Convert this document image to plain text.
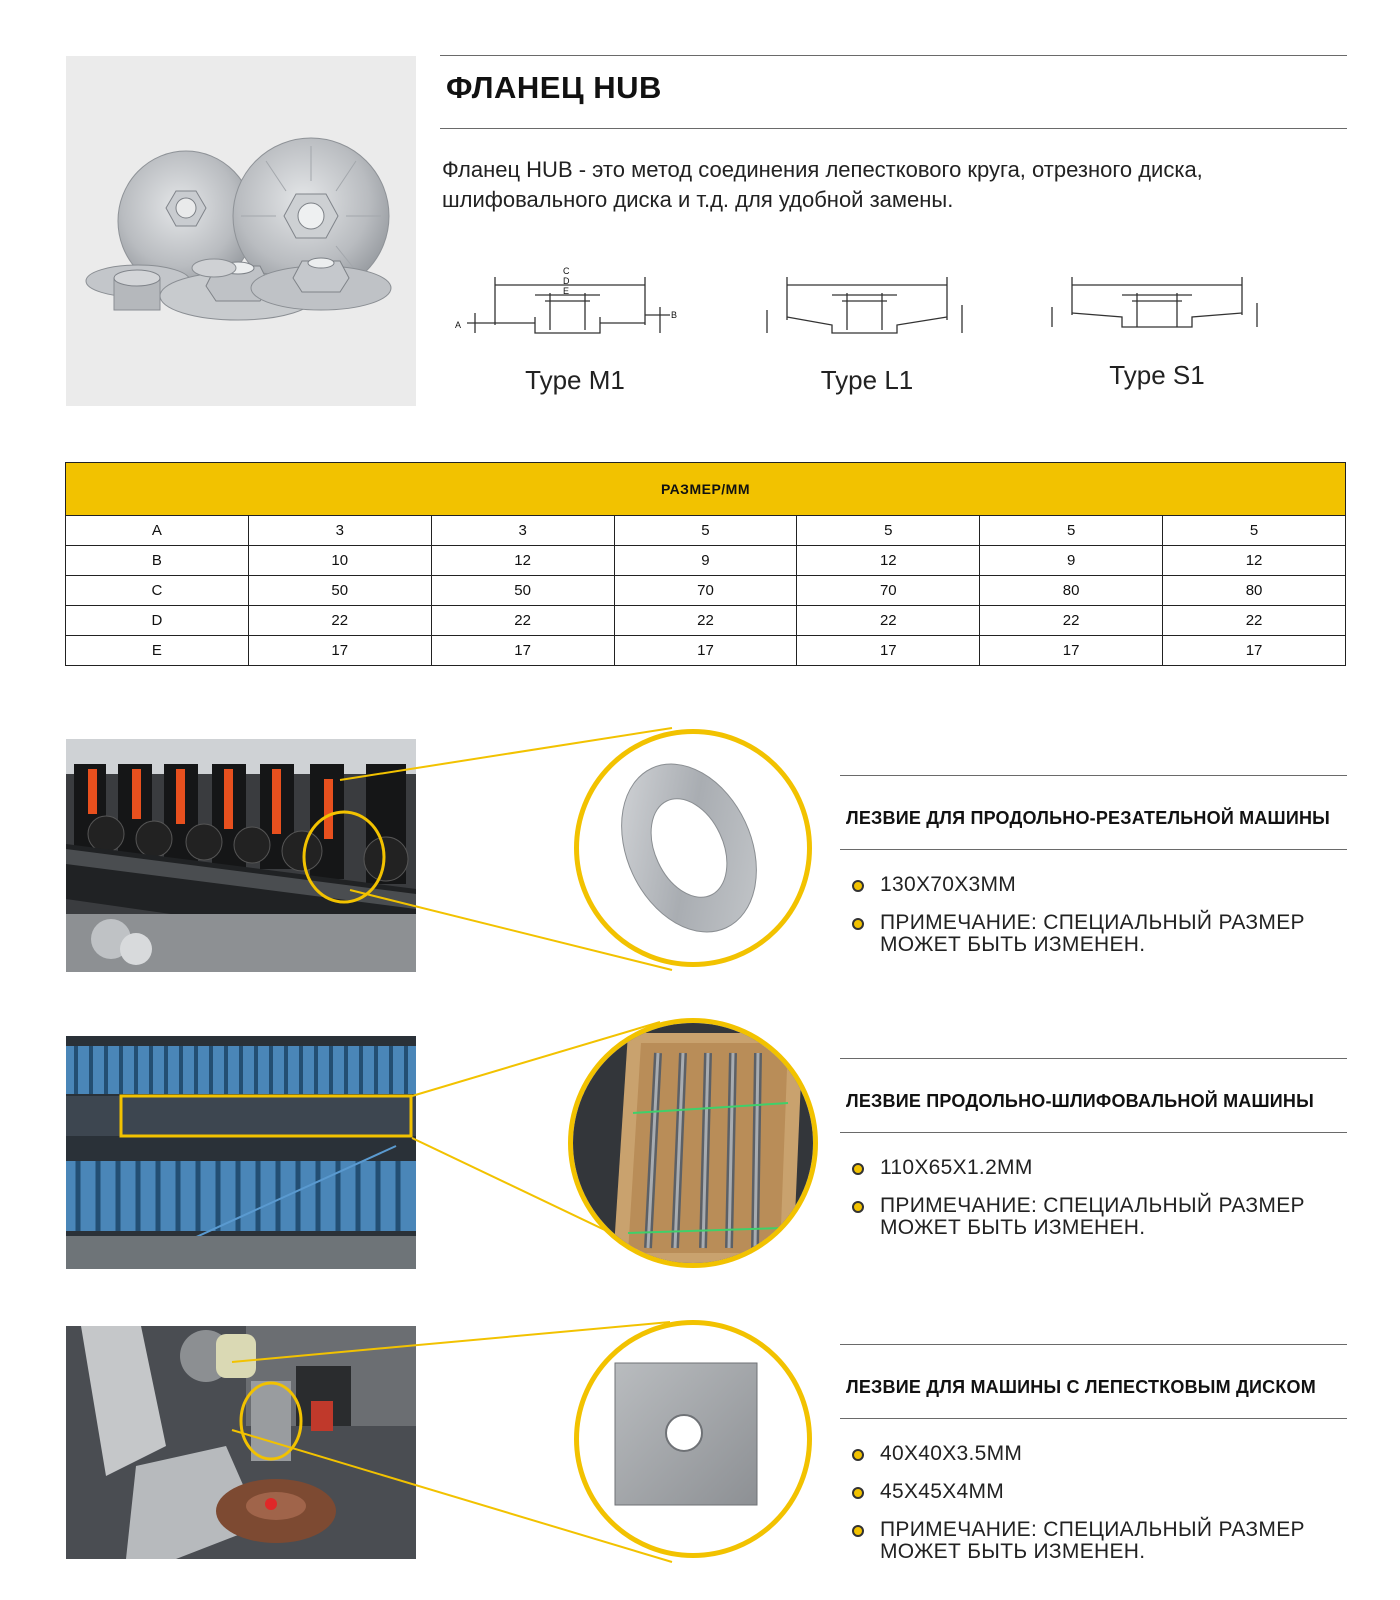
ФЛАНЕЦ HUB
Фланец HUB - это метод соединения лепесткового круга, отрезного диска, шлифовального диска и т.д. для удобной замены.
C
D
E
A
B
Type M1	Type L1	Type S1
РАЗМЕР/MM						
A	3	3	5	5	5	5
B	10	12	9	12	9	12
C	50	50	70	70	80	80
D	22	22	22	22	22	22
E	17	17	17	17	17	17
ЛЕЗВИЕ ДЛЯ ПРОДОЛЬНО-РЕЗАТЕЛЬНОЙ МАШИНЫ
130X70X3MM
ПРИМЕЧАНИЕ: СПЕЦИАЛЬНЫЙ РАЗМЕР МОЖЕТ БЫТЬ ИЗМЕНЕН.
ЛЕЗВИЕ ПРОДОЛЬНО-ШЛИФОВАЛЬНОЙ МАШИНЫ
110X65X1.2MM
ПРИМЕЧАНИЕ: СПЕЦИАЛЬНЫЙ РАЗМЕР МОЖЕТ БЫТЬ ИЗМЕНЕН.
ЛЕЗВИЕ ДЛЯ МАШИНЫ С ЛЕПЕСТКОВЫМ ДИСКОМ
40X40X3.5MM
45X45X4MM
ПРИМЕЧАНИЕ: СПЕЦИАЛЬНЫЙ РАЗМЕР МОЖЕТ БЫТЬ ИЗМЕНЕН.
